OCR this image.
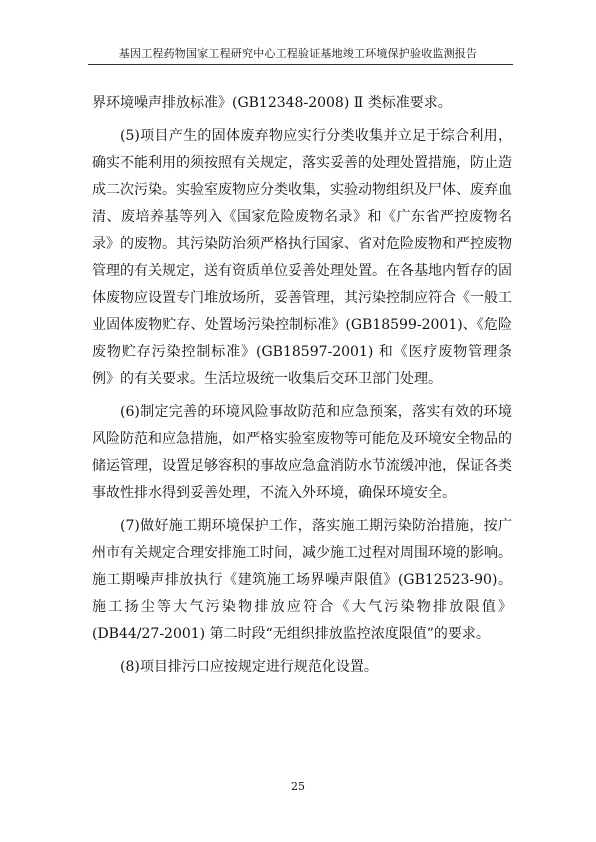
基因工程药物国家工程研究中心工程验证基地竣工环境保护验收监测报告

界环境噪声排放标准》(GB12348-2008) Ⅱ 类标准要求。

(5)项目产生的固体废弃物应实行分类收集并立足于综合利用，确实不能利用的须按照有关规定，落实妥善的处理处置措施，防止造成二次污染。实验室废物应分类收集，实验动物组织及尸体、废弃血清、废培养基等列入《国家危险废物名录》和《广东省严控废物名录》的废物。其污染防治须严格执行国家、省对危险废物和严控废物管理的有关规定，送有资质单位妥善处理处置。在各基地内暂存的固体废物应设置专门堆放场所，妥善管理，其污染控制应符合《一般工业固体废物贮存、处置场污染控制标准》(GB18599-2001)、《危险废物贮存污染控制标准》(GB18597-2001) 和《医疗废物管理条例》的有关要求。生活垃圾统一收集后交环卫部门处理。

(6)制定完善的环境风险事故防范和应急预案，落实有效的环境风险防范和应急措施，如严格实验室废物等可能危及环境安全物品的储运管理，设置足够容积的事故应急盒消防水节流缓冲池，保证各类事故性排水得到妥善处理，不流入外环境，确保环境安全。

(7)做好施工期环境保护工作，落实施工期污染防治措施，按广州市有关规定合理安排施工时间，减少施工过程对周围环境的影响。施工期噪声排放执行《建筑施工场界噪声限值》(GB12523-90)。施工扬尘等大气污染物排放应符合《大气污染物排放限值》(DB44/27-2001) 第二时段“无组织排放监控浓度限值”的要求。

(8)项目排污口应按规定进行规范化设置。

25
